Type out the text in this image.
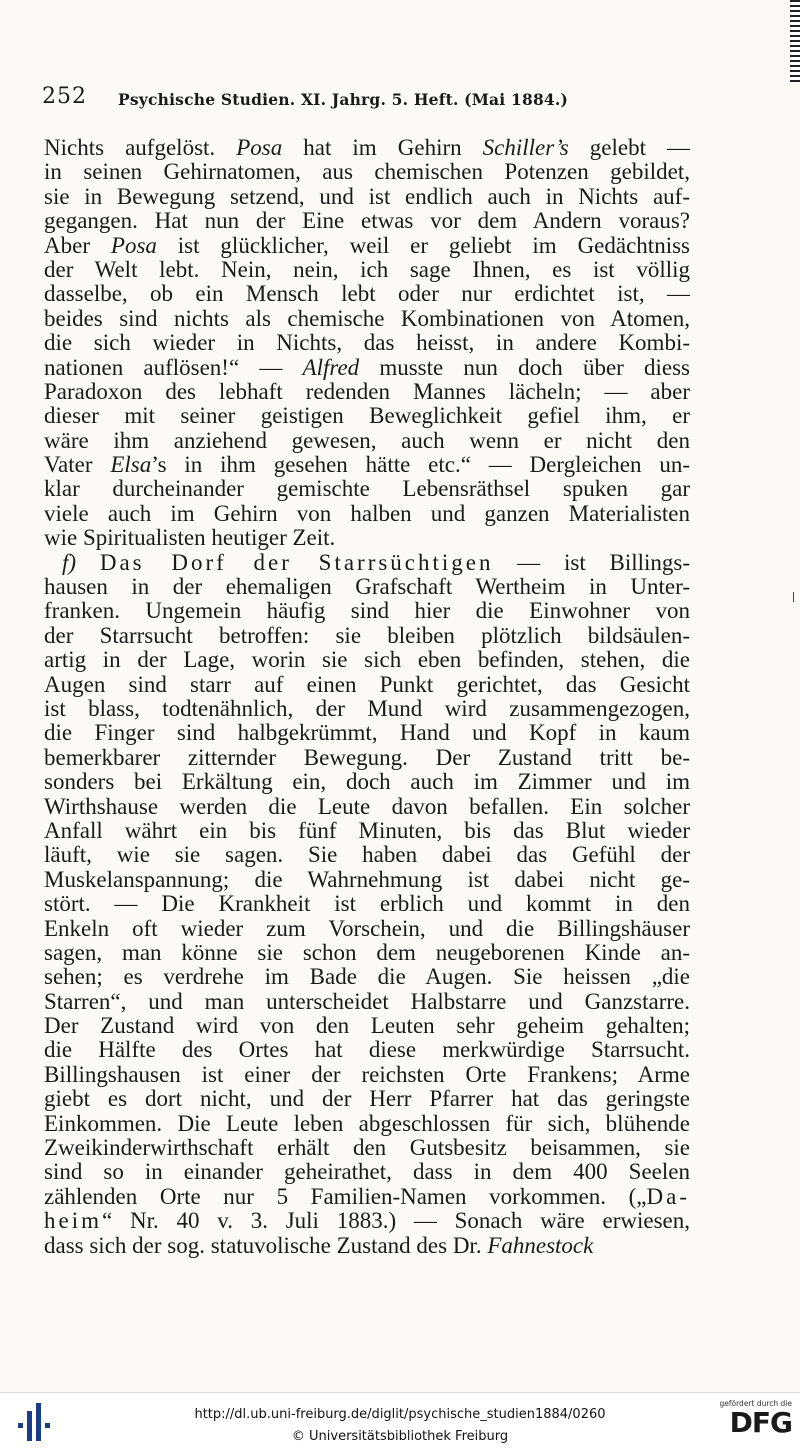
252 Psychische Studien. XI. Jahrg. 5. Heft. (Mai 1884.)
Nichts aufgelöst. Posa hat im Gehirn Schiller’s gelebt —
in seinen Gehirnatomen, aus chemischen Potenzen gebildet,
sie in Bewegung setzend, und ist endlich auch in Nichts auf-
gegangen. Hat nun der Eine etwas vor dem Andern voraus?
Aber Posa ist glücklicher, weil er geliebt im Gedächtniss
der Welt lebt. Nein, nein, ich sage Ihnen, es ist völlig
dasselbe, ob ein Mensch lebt oder nur erdichtet ist, —
beides sind nichts als chemische Kombinationen von Atomen,
die sich wieder in Nichts, das heisst, in andere Kombi-
nationen auflösen!“ — Alfred musste nun doch über diess
Paradoxon des lebhaft redenden Mannes lächeln; — aber
dieser mit seiner geistigen Beweglichkeit gefiel ihm, er
wäre ihm anziehend gewesen, auch wenn er nicht den
Vater Elsa’s in ihm gesehen hätte etc.“ — Dergleichen un-
klar durcheinander gemischte Lebensräthsel spuken gar
viele auch im Gehirn von halben und ganzen Materialisten
wie Spiritualisten heutiger Zeit.
f) Das Dorf der Starrsüchtigen — ist Billings-
hausen in der ehemaligen Grafschaft Wertheim in Unter-
franken. Ungemein häufig sind hier die Einwohner von
der Starrsucht betroffen: sie bleiben plötzlich bildsäulen-
artig in der Lage, worin sie sich eben befinden, stehen, die
Augen sind starr auf einen Punkt gerichtet, das Gesicht
ist blass, todtenähnlich, der Mund wird zusammengezogen,
die Finger sind halbgekrümmt, Hand und Kopf in kaum
bemerkbarer zitternder Bewegung. Der Zustand tritt be-
sonders bei Erkältung ein, doch auch im Zimmer und im
Wirthshause werden die Leute davon befallen. Ein solcher
Anfall währt ein bis fünf Minuten, bis das Blut wieder
läuft, wie sie sagen. Sie haben dabei das Gefühl der
Muskelanspannung; die Wahrnehmung ist dabei nicht ge-
stört. — Die Krankheit ist erblich und kommt in den
Enkeln oft wieder zum Vorschein, und die Billingshäuser
sagen, man könne sie schon dem neugeborenen Kinde an-
sehen; es verdrehe im Bade die Augen. Sie heissen „die
Starren“, und man unterscheidet Halbstarre und Ganzstarre.
Der Zustand wird von den Leuten sehr geheim gehalten;
die Hälfte des Ortes hat diese merkwürdige Starrsucht.
Billingshausen ist einer der reichsten Orte Frankens; Arme
giebt es dort nicht, und der Herr Pfarrer hat das geringste
Einkommen. Die Leute leben abgeschlossen für sich, blühende
Zweikinderwirthschaft erhält den Gutsbesitz beisammen, sie
sind so in einander geheirathet, dass in dem 400 Seelen
zählenden Orte nur 5 Familien-Namen vorkommen. („Da-
heim“ Nr. 40 v. 3. Juli 1883.) — Sonach wäre erwiesen,
dass sich der sog. statuvolische Zustand des Dr. Fahnestock
http://dl.ub.uni-freiburg.de/diglit/psychische_studien1884/0260
© Universitätsbibliothek Freiburg
gefördert durch die
DFG
